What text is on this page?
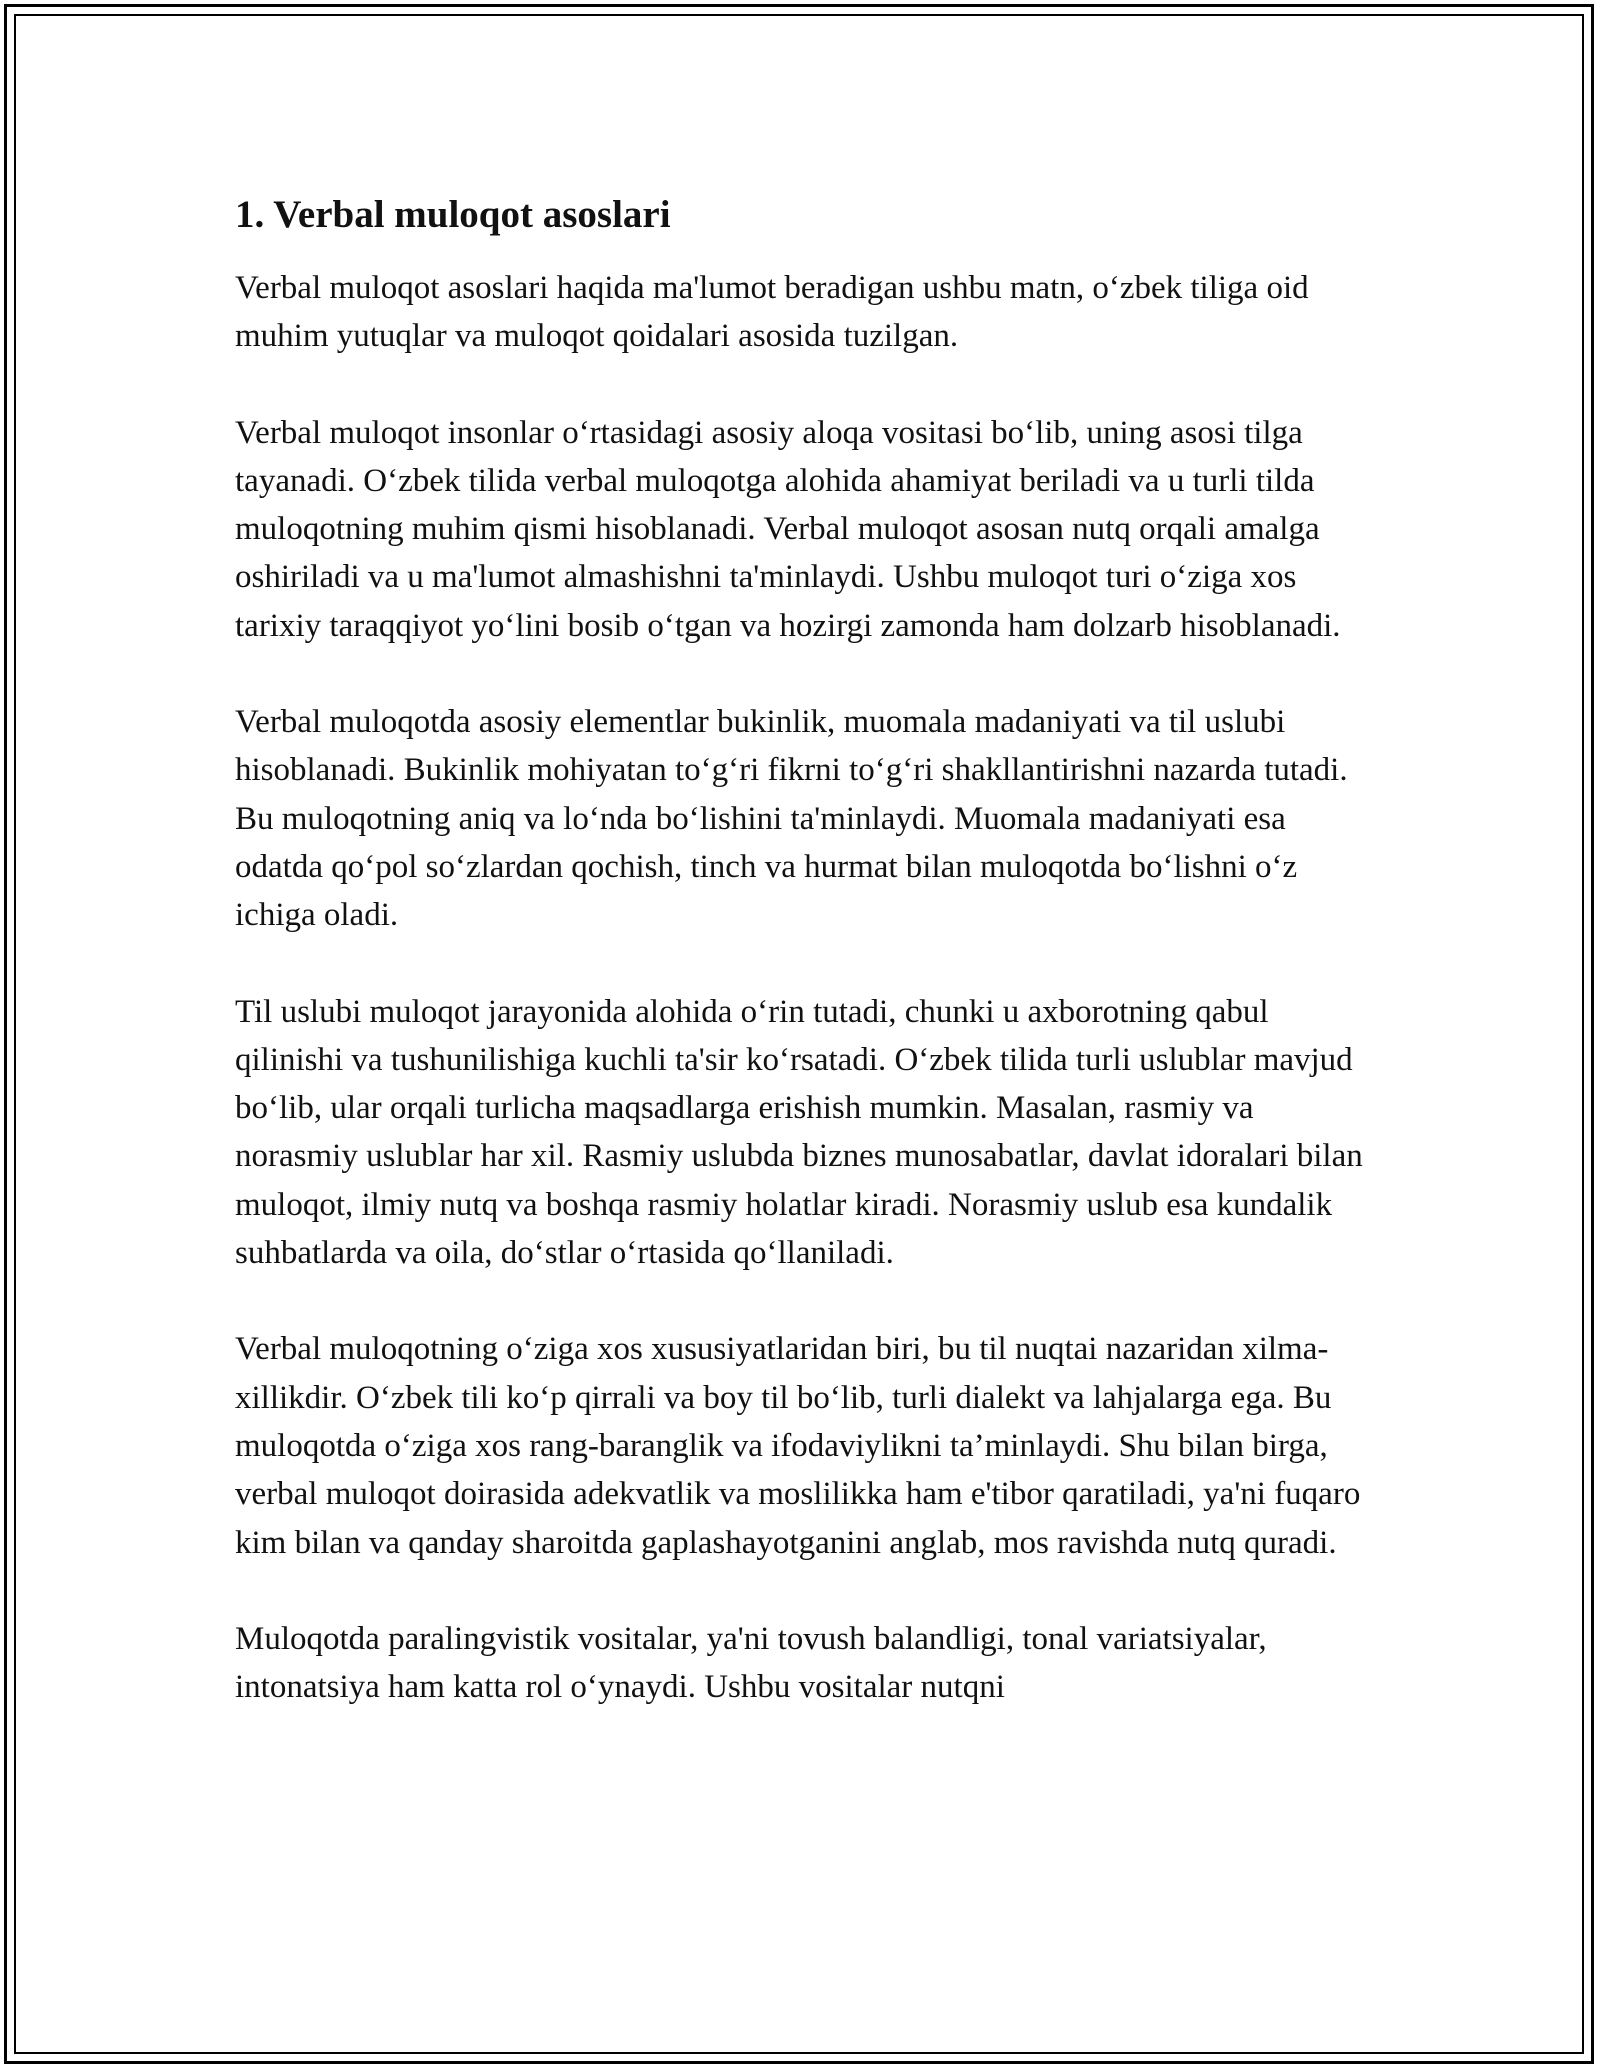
1. Verbal muloqot asoslari

Verbal muloqot asoslari haqida ma'lumot beradigan ushbu matn, o‘zbek tiliga oid muhim yutuqlar va muloqot qoidalari asosida tuzilgan.

Verbal muloqot insonlar o‘rtasidagi asosiy aloqa vositasi bo‘lib, uning asosi tilga tayanadi. O‘zbek tilida verbal muloqotga alohida ahamiyat beriladi va u turli tilda muloqotning muhim qismi hisoblanadi. Verbal muloqot asosan nutq orqali amalga oshiriladi va u ma'lumot almashishni ta'minlaydi. Ushbu muloqot turi o‘ziga xos tarixiy taraqqiyot yo‘lini bosib o‘tgan va hozirgi zamonda ham dolzarb hisoblanadi.

Verbal muloqotda asosiy elementlar bukinlik, muomala madaniyati va til uslubi hisoblanadi. Bukinlik mohiyatan to‘g‘ri fikrni to‘g‘ri shakllantirishni nazarda tutadi. Bu muloqotning aniq va lo‘nda bo‘lishini ta'minlaydi. Muomala madaniyati esa odatda qo‘pol so‘zlardan qochish, tinch va hurmat bilan muloqotda bo‘lishni o‘z ichiga oladi.

Til uslubi muloqot jarayonida alohida o‘rin tutadi, chunki u axborotning qabul qilinishi va tushunilishiga kuchli ta'sir ko‘rsatadi. O‘zbek tilida turli uslublar mavjud bo‘lib, ular orqali turlicha maqsadlarga erishish mumkin. Masalan, rasmiy va norasmiy uslublar har xil. Rasmiy uslubda biznes munosabatlar, davlat idoralari bilan muloqot, ilmiy nutq va boshqa rasmiy holatlar kiradi. Norasmiy uslub esa kundalik suhbatlarda va oila, do‘stlar o‘rtasida qo‘llaniladi.

Verbal muloqotning o‘ziga xos xususiyatlaridan biri, bu til nuqtai nazaridan xilma-xillikdir. O‘zbek tili ko‘p qirrali va boy til bo‘lib, turli dialekt va lahjalarga ega. Bu muloqotda o‘ziga xos rang-baranglik va ifodaviylikni ta’minlaydi. Shu bilan birga, verbal muloqot doirasida adekvatlik va moslilikka ham e'tibor qaratiladi, ya'ni fuqaro kim bilan va qanday sharoitda gaplashayotganini anglab, mos ravishda nutq quradi.

Muloqotda paralingvistik vositalar, ya'ni tovush balandligi, tonal variatsiyalar, intonatsiya ham katta rol o‘ynaydi. Ushbu vositalar nutqni
